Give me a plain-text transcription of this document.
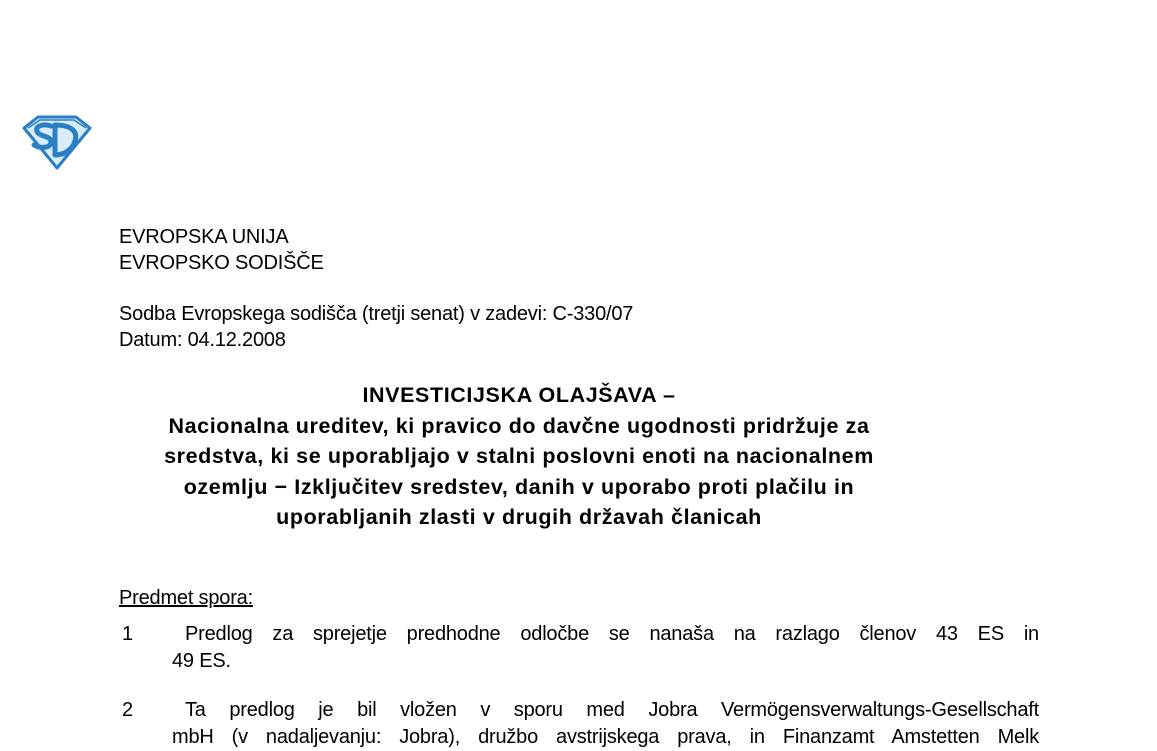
EVROPSKA UNIJA
EVROPSKO SODIŠČE
Sodba Evropskega sodišča (tretji senat) v zadevi: C-330/07
Datum: 04.12.2008
INVESTICIJSKA OLAJŠAVA –
Nacionalna ureditev, ki pravico do davčne ugodnosti pridržuje za
sredstva, ki se uporabljajo v stalni poslovni enoti na nacionalnem
ozemlju − Izključitev sredstev, danih v uporabo proti plačilu in
uporabljanih zlasti v drugih državah članicah
Predmet spora:
1	Predlog za sprejetje predhodne odločbe se nanaša na razlago členov 43 ES in
49 ES.
2	Ta predlog je bil vložen v sporu med Jobra Vermögensverwaltungs-Gesellschaft
mbH (v nadaljevanju: Jobra), družbo avstrijskega prava, in Finanzamt Amstetten Melk
